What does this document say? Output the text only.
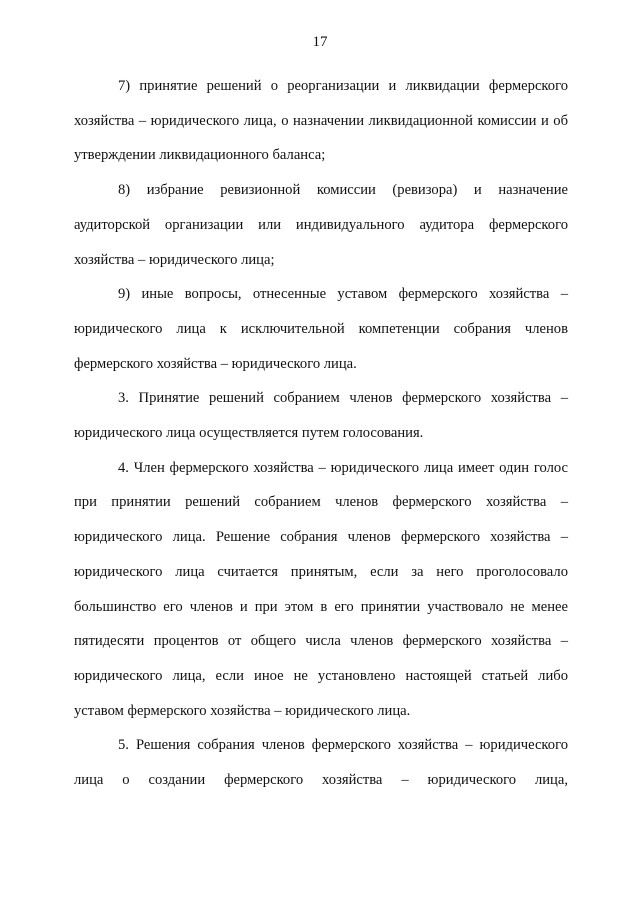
17

7) принятие решений о реорганизации и ликвидации фермерского хозяйства – юридического лица, о назначении ликвидационной комиссии и об утверждении ликвидационного баланса;

8) избрание ревизионной комиссии (ревизора) и назначение аудиторской организации или индивидуального аудитора фермерского хозяйства – юридического лица;

9) иные вопросы, отнесенные уставом фермерского хозяйства – юридического лица к исключительной компетенции собрания членов фермерского хозяйства – юридического лица.

3. Принятие решений собранием членов фермерского хозяйства – юридического лица осуществляется путем голосования.

4. Член фермерского хозяйства – юридического лица имеет один голос при принятии решений собранием членов фермерского хозяйства – юридического лица. Решение собрания членов фермерского хозяйства – юридического лица считается принятым, если за него проголосовало большинство его членов и при этом в его принятии участвовало не менее пятидесяти процентов от общего числа членов фермерского хозяйства – юридического лица, если иное не установлено настоящей статьей либо уставом фермерского хозяйства – юридического лица.

5. Решения собрания членов фермерского хозяйства – юридического лица о создании фермерского хозяйства – юридического лица,
